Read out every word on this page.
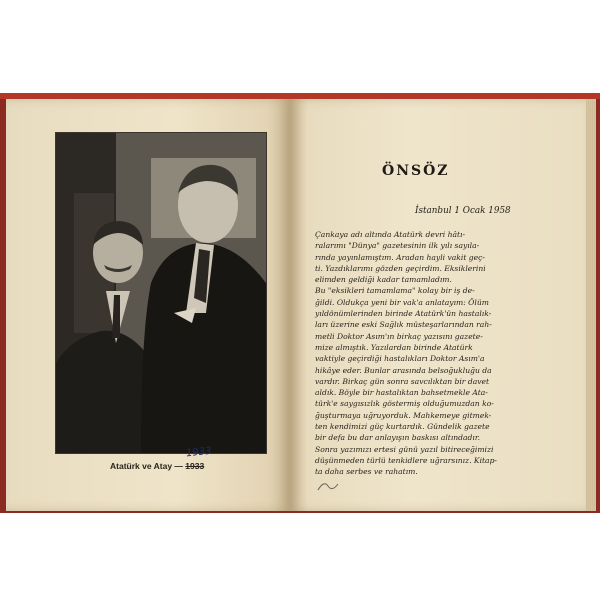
Atatürk ve Atay — 1933
1933
ÖNSÖZ
İstanbul 1 Ocak 1958
Çankaya adı altında Atatürk devri hâtı-
ralarımı "Dünya" gazetesinin ilk yılı sayıla-
rında yayınlamıştım. Aradan hayli vakit geç-
ti. Yazdıklarımı gözden geçirdim. Eksiklerini
elimden geldiği kadar tamamladım.
Bu "eksikleri tamamlama" kolay bir iş de-
ğildi. Oldukça yeni bir vak'a anlatayım: Ölüm
yıldönümlerinden birinde Atatürk'ün hastalık-
ları üzerine eski Sağlık müsteşarlarından rah-
metli Doktor Asım'ın birkaç yazısını gazete-
mize almıştık. Yazılardan birinde Atatürk
vaktiyle geçirdiği hastalıkları Doktor Asım'a
hikâye eder. Bunlar arasında belsoğukluğu da
vardır. Birkaç gün sonra savcılıktan bir davet
aldık. Böyle bir hastalıktan bahsetmekle Ata-
türk'e saygısızlık göstermiş olduğumuzdan ko-
ğuşturmaya uğruyorduk. Mahkemeye gitmek-
ten kendimizi güç kurtardık. Gündelik gazete
bir defa bu dar anlayışın baskısı altındadır.
Sonra yazımızı ertesi günü yazıl bitireceğimizi
düşünmeden türlü tenkidlere uğrarsınız. Kitap-
ta daha serbes ve rahatım.
